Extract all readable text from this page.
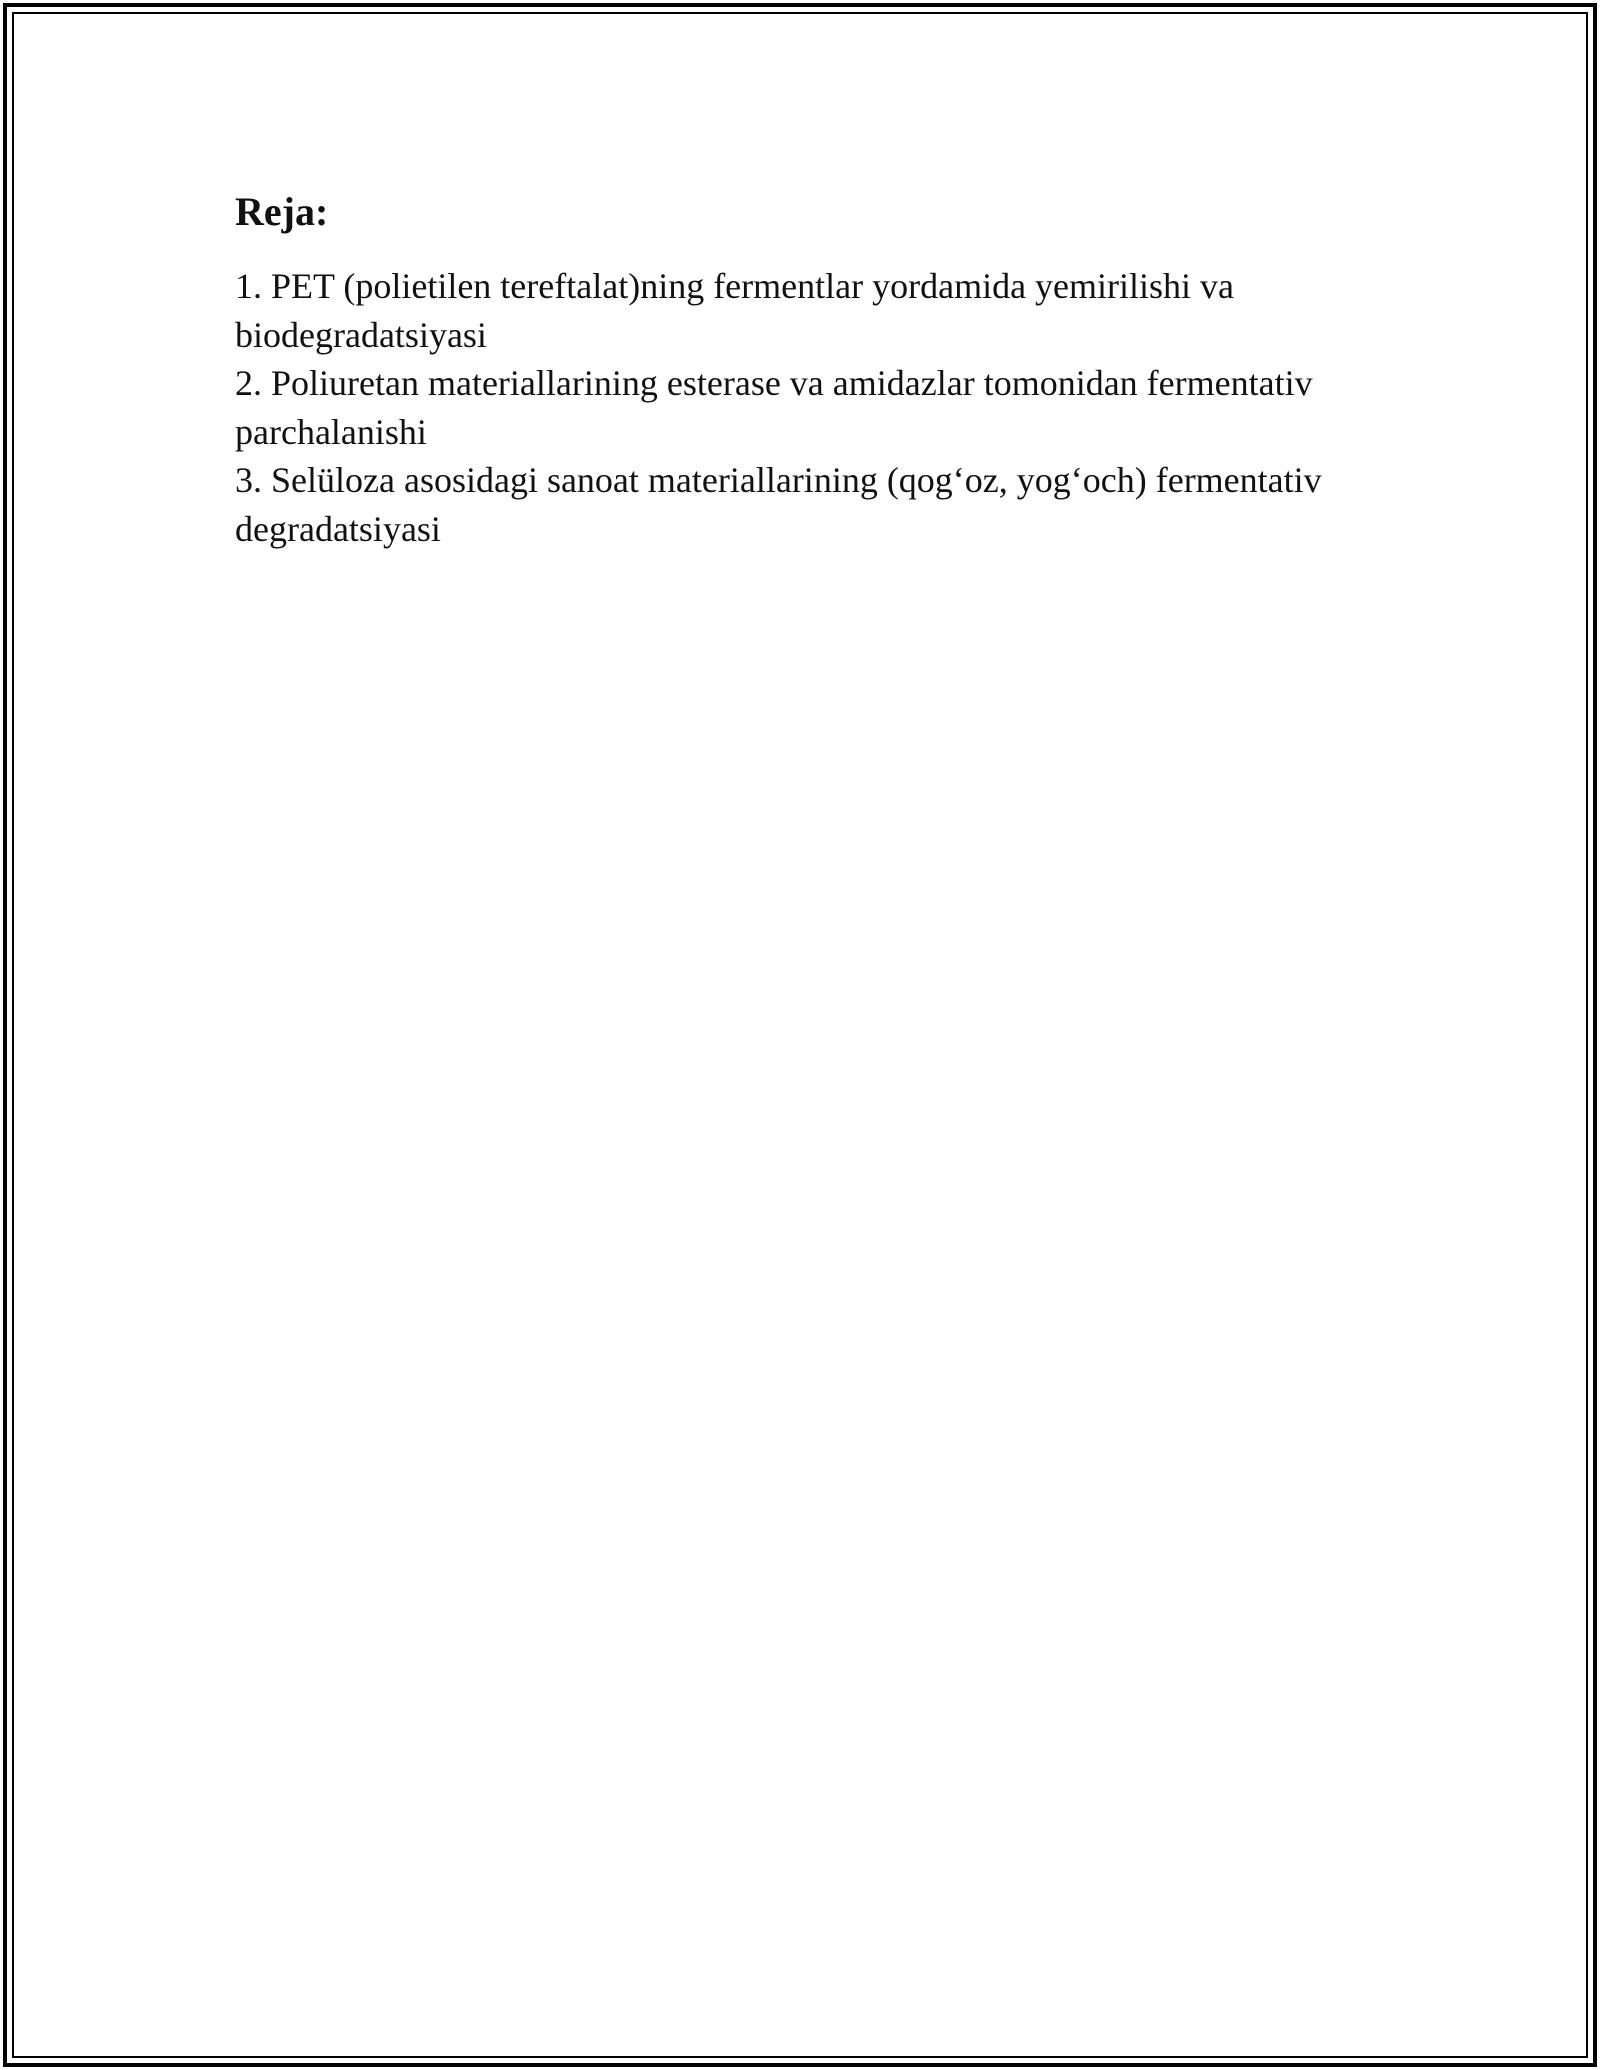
Reja:
1. PET (polietilen tereftalat)ning fermentlar yordamida yemirilishi va biodegradatsiyasi
2. Poliuretan materiallarining esterase va amidazlar tomonidan fermentativ parchalanishi
3. Selüloza asosidagi sanoat materiallarining (qog‘oz, yog‘och) fermentativ degradatsiyasi
